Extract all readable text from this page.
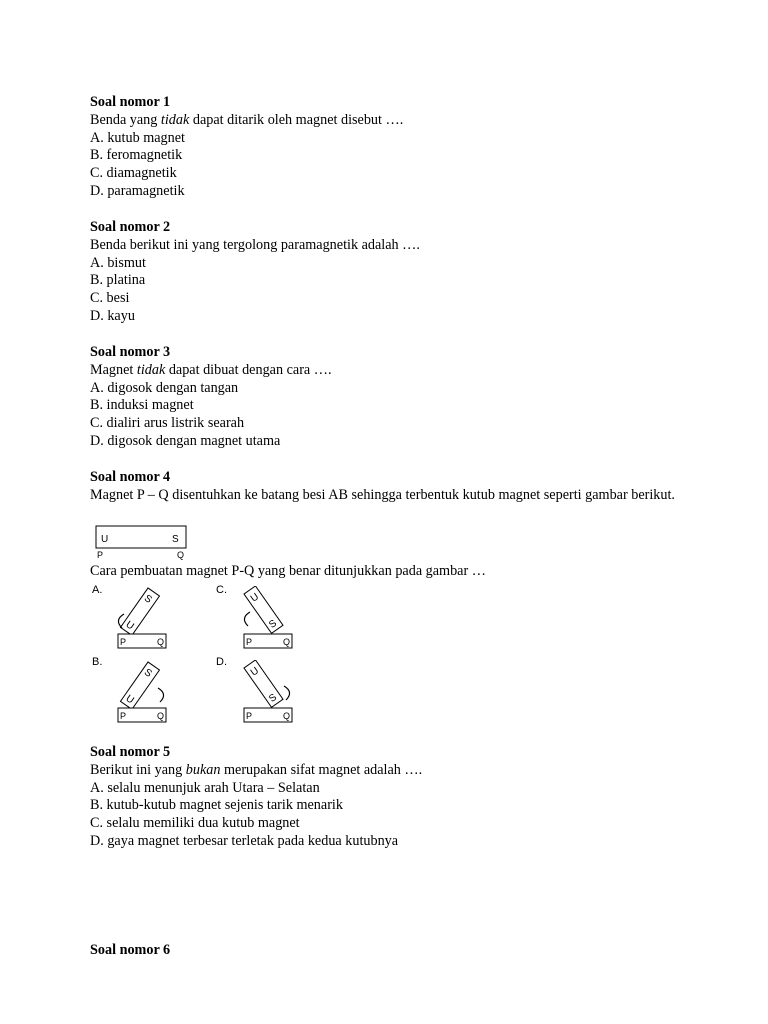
Soal nomor 1
Benda yang tidak dapat ditarik oleh magnet disebut ….
A. kutub magnet
B. feromagnetik
C. diamagnetik
D. paramagnetik
Soal nomor 2
Benda berikut ini yang tergolong paramagnetik adalah ….
A. bismut
B. platina
C. besi
D. kayu
Soal nomor 3
Magnet tidak dapat dibuat dengan cara ….
A. digosok dengan tangan
B. induksi magnet
C. dialiri arus listrik searah
D. digosok dengan magnet utama
Soal nomor 4
Magnet P – Q disentuhkan ke batang besi AB sehingga terbentuk kutub magnet seperti gambar berikut.
U	S
P	Q
Cara pembuatan magnet P-Q yang benar ditunjukkan pada gambar …
A.
S
U
P	Q
C.
U
S
P	Q
B.
S
U
P	Q
D.
U
S
P	Q
Soal nomor 5
Berikut ini yang bukan merupakan sifat magnet adalah ….
A. selalu menunjuk arah Utara – Selatan
B. kutub-kutub magnet sejenis tarik menarik
C. selalu memiliki dua kutub magnet
D. gaya magnet terbesar terletak pada kedua kutubnya
Soal nomor 6
